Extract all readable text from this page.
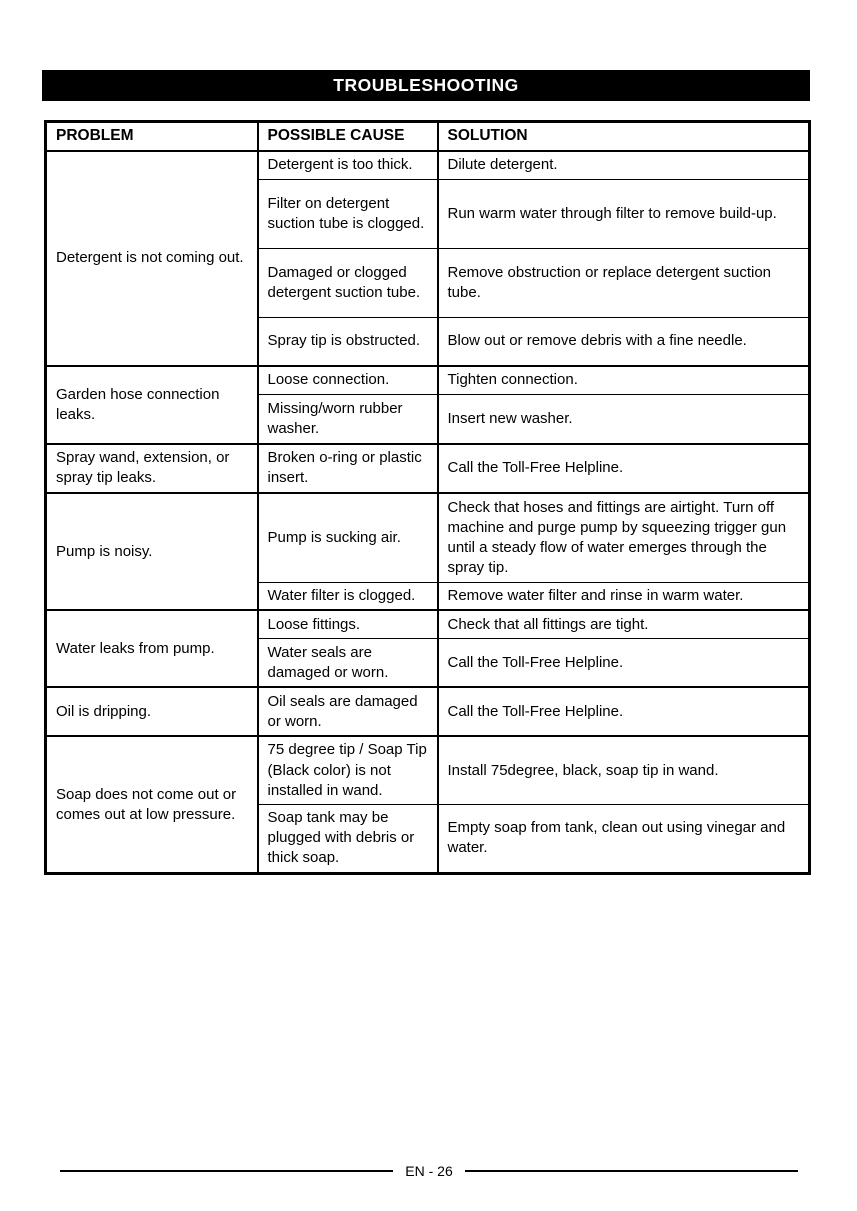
TROUBLESHOOTING
PROBLEM	POSSIBLE CAUSE	SOLUTION
Detergent is not coming out.	Detergent is too thick.	Dilute detergent.
	Filter on detergent suction tube is clogged.	Run warm water through filter to remove build-up.
	Damaged or clogged detergent suction tube.	Remove obstruction or replace detergent suction tube.
	Spray tip is obstructed.	Blow out or remove debris with a fine needle.
Garden hose connection leaks.	Loose connection.	Tighten connection.
	Missing/worn rubber washer.	Insert new washer.
Spray wand, extension, or spray tip leaks.	Broken o-ring or plastic insert.	Call the Toll-Free Helpline.
Pump is noisy.	Pump is sucking air.	Check that hoses and fittings are airtight. Turn off machine and purge pump by squeezing trigger gun until a steady flow of water emerges through the spray tip.
	Water filter is clogged.	Remove water filter and rinse in warm water.
Water leaks from pump.	Loose fittings.	Check that all fittings are tight.
	Water seals are damaged or worn.	Call the Toll-Free Helpline.
Oil is dripping.	Oil seals are damaged or worn.	Call the Toll-Free Helpline.
Soap does not come out or comes out at low pressure.	75 degree tip / Soap Tip (Black color) is not installed in wand.	Install 75degree, black, soap tip in wand.
	Soap tank may be plugged with debris or thick soap.	Empty soap from tank, clean out using vinegar and water.
EN - 26
